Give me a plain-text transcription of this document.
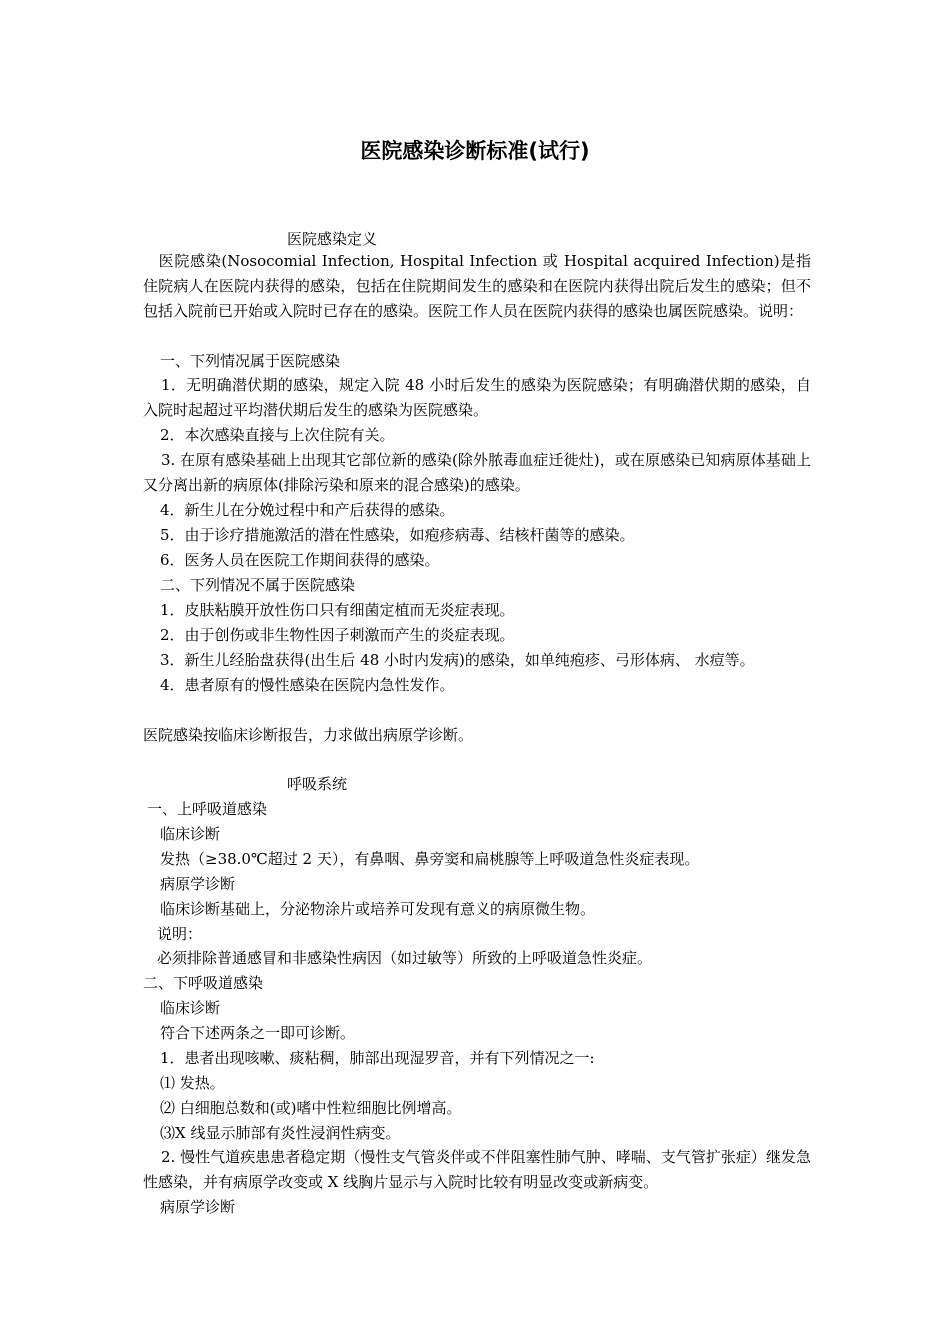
医院感染诊断标准(试行)
医院感染定义
　医院感染(Nosocomial Infection, Hospital Infection 或 Hospital acquired Infection)是指住院病人在医院内获得的感染，包括在住院期间发生的感染和在医院内获得出院后发生的感染；但不包括入院前已开始或入院时已存在的感染。医院工作人员在医院内获得的感染也属医院感染。说明：
一、下列情况属于医院感染
1．无明确潜伏期的感染，规定入院 48 小时后发生的感染为医院感染；有明确潜伏期的感染，自入院时起超过平均潜伏期后发生的感染为医院感染。
2．本次感染直接与上次住院有关。
3. 在原有感染基础上出现其它部位新的感染(除外脓毒血症迁徙灶)，或在原感染已知病原体基础上又分离出新的病原体(排除污染和原来的混合感染)的感染。
4．新生儿在分娩过程中和产后获得的感染。
5．由于诊疗措施激活的潜在性感染，如疱疹病毒、结核杆菌等的感染。
6．医务人员在医院工作期间获得的感染。
二、下列情况不属于医院感染
1．皮肤粘膜开放性伤口只有细菌定植而无炎症表现。
2．由于创伤或非生物性因子刺激而产生的炎症表现。
3．新生儿经胎盘获得(出生后 48 小时内发病)的感染，如单纯疱疹、弓形体病、 水痘等。
4．患者原有的慢性感染在医院内急性发作。
医院感染按临床诊断报告，力求做出病原学诊断。
呼吸系统
一、上呼吸道感染
临床诊断
发热（≥38.0℃超过 2 天），有鼻咽、鼻旁窦和扁桃腺等上呼吸道急性炎症表现。
病原学诊断
临床诊断基础上，分泌物涂片或培养可发现有意义的病原微生物。
说明：
必须排除普通感冒和非感染性病因（如过敏等）所致的上呼吸道急性炎症。
二、下呼吸道感染
临床诊断
符合下述两条之一即可诊断。
1．患者出现咳嗽、痰粘稠，肺部出现湿罗音，并有下列情况之一:
⑴ 发热。
⑵ 白细胞总数和(或)嗜中性粒细胞比例增高。
⑶X 线显示肺部有炎性浸润性病变。
2. 慢性气道疾患患者稳定期（慢性支气管炎伴或不伴阻塞性肺气肿、哮喘、支气管扩张症）继发急性感染，并有病原学改变或 X 线胸片显示与入院时比较有明显改变或新病变。
病原学诊断
